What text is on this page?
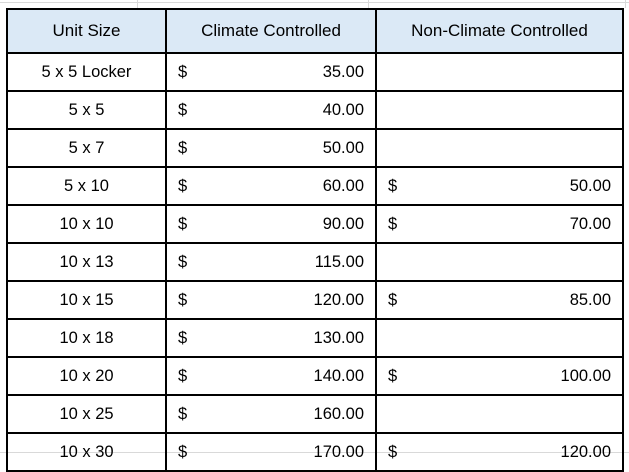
Unit Size	Climate Controlled	Non-Climate Controlled
5 x 5 Locker	$ 35.00	

5 x 5	$ 40.00	

5 x 7	$ 50.00	

5 x 10	$ 60.00	$ 50.00

10 x 10	$ 90.00	$ 70.00

10 x 13	$ 115.00	

10 x 15	$ 120.00	$ 85.00

10 x 18	$ 130.00	

10 x 20	$ 140.00	$ 100.00

10 x 25	$ 160.00	

10 x 30	$ 170.00	$ 120.00
